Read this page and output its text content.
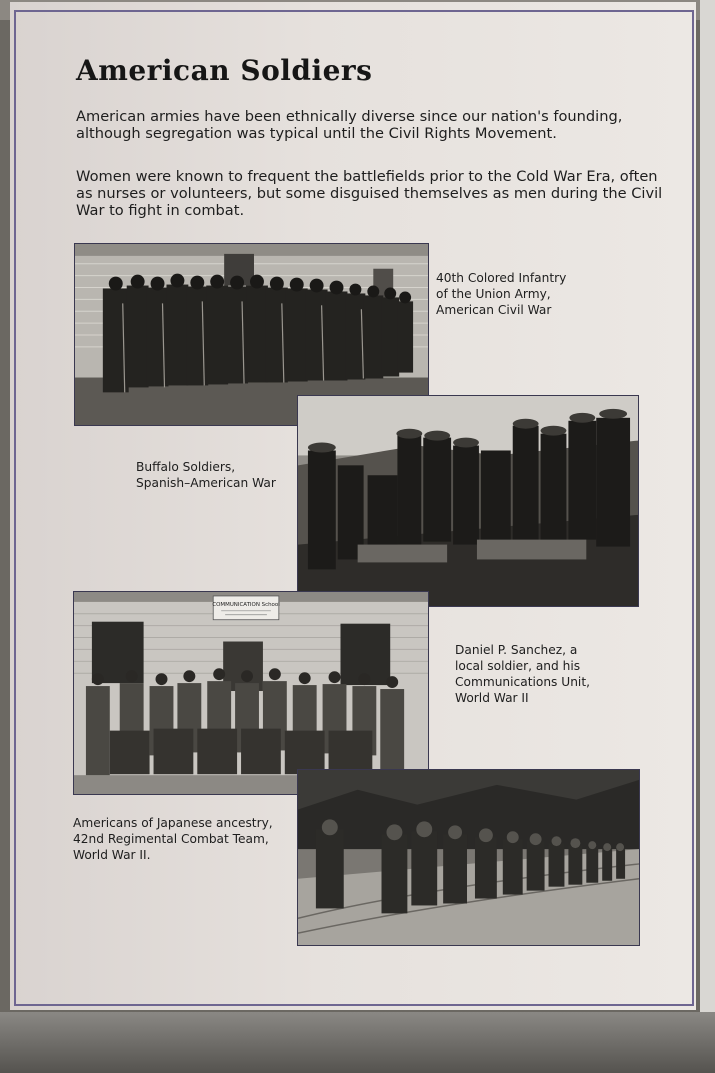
American Soldiers

American armies have been ethnically diverse since our nation's founding, although segregation was typical until the Civil Rights Movement.

Women were known to frequent the battlefields prior to the Cold War Era, often as nurses or volunteers, but some disguised themselves as men during the Civil War to fight in combat.

40th Colored Infantry
of the Union Army,
American Civil War

Buffalo Soldiers,
Spanish–American War

COMMUNICATION School

Daniel P. Sanchez, a
local soldier, and his
Communications Unit,
World War II

Americans of Japanese ancestry,
42nd Regimental Combat Team,
World War II.
